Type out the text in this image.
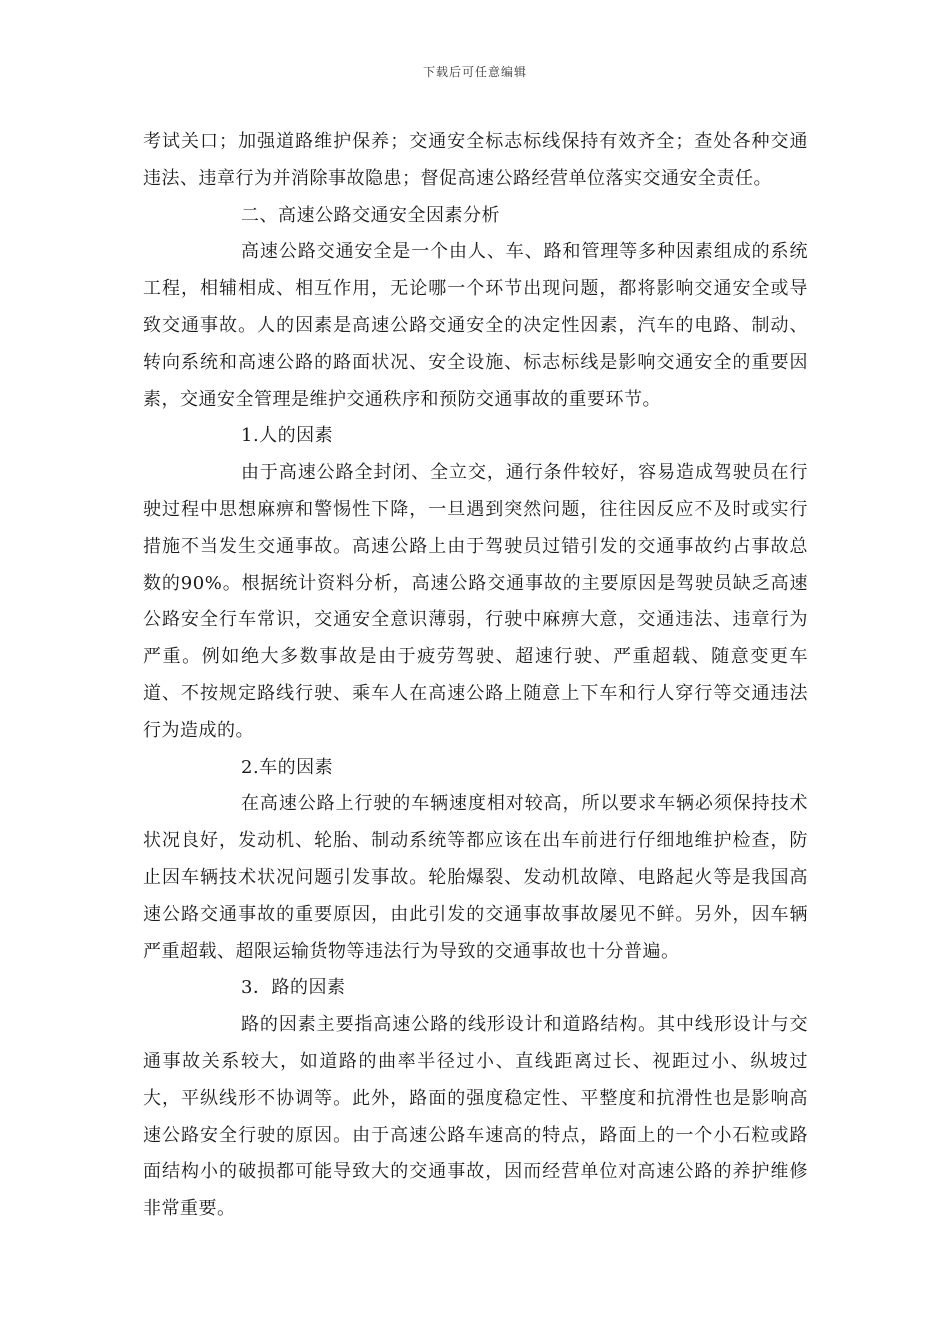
下载后可任意编辑

考试关口；加强道路维护保养；交通安全标志标线保持有效齐全；查处各种交通违法、违章行为并消除事故隐患；督促高速公路经营单位落实交通安全责任。

二、高速公路交通安全因素分析

高速公路交通安全是一个由人、车、路和管理等多种因素组成的系统工程，相辅相成、相互作用，无论哪一个环节出现问题，都将影响交通安全或导致交通事故。人的因素是高速公路交通安全的决定性因素，汽车的电路、制动、转向系统和高速公路的路面状况、安全设施、标志标线是影响交通安全的重要因素，交通安全管理是维护交通秩序和预防交通事故的重要环节。

1.人的因素

由于高速公路全封闭、全立交，通行条件较好，容易造成驾驶员在行驶过程中思想麻痹和警惕性下降，一旦遇到突然问题，往往因反应不及时或实行措施不当发生交通事故。高速公路上由于驾驶员过错引发的交通事故约占事故总数的90%。根据统计资料分析，高速公路交通事故的主要原因是驾驶员缺乏高速公路安全行车常识，交通安全意识薄弱，行驶中麻痹大意，交通违法、违章行为严重。例如绝大多数事故是由于疲劳驾驶、超速行驶、严重超载、随意变更车道、不按规定路线行驶、乘车人在高速公路上随意上下车和行人穿行等交通违法行为造成的。

2.车的因素

在高速公路上行驶的车辆速度相对较高，所以要求车辆必须保持技术状况良好，发动机、轮胎、制动系统等都应该在出车前进行仔细地维护检查，防止因车辆技术状况问题引发事故。轮胎爆裂、发动机故障、电路起火等是我国高速公路交通事故的重要原因，由此引发的交通事故事故屡见不鲜。另外，因车辆严重超载、超限运输货物等违法行为导致的交通事故也十分普遍。

3．路的因素

路的因素主要指高速公路的线形设计和道路结构。其中线形设计与交通事故关系较大，如道路的曲率半径过小、直线距离过长、视距过小、纵坡过大，平纵线形不协调等。此外，路面的强度稳定性、平整度和抗滑性也是影响高速公路安全行驶的原因。由于高速公路车速高的特点，路面上的一个小石粒或路面结构小的破损都可能导致大的交通事故，因而经营单位对高速公路的养护维修非常重要。
